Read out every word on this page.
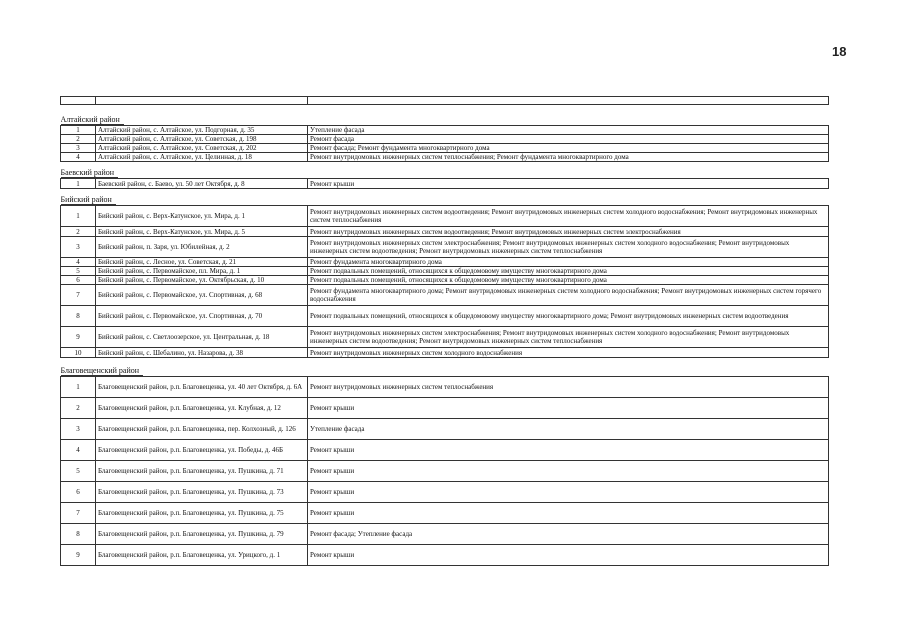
18

Алтайский район		
1	Алтайский район, с. Алтайское, ул. Подгорная, д. 35	Утепление фасада
2	Алтайский район, с. Алтайское, ул. Советская, д. 198	Ремонт фасада
3	Алтайский район, с. Алтайское, ул. Советская, д. 202	Ремонт фасада; Ремонт фундамента многоквартирного дома
4	Алтайский район, с. Алтайское, ул. Целинная, д. 18	Ремонт внутридомовых инженерных систем теплоснабжения; Ремонт фундамента многоквартирного дома
Баевский район		
1	Баевский район, с. Баево, ул. 50 лет Октября, д. 8	Ремонт крыши
Бийский район		
1	Бийский район, с. Верх-Катунское, ул. Мира, д. 1	Ремонт внутридомовых инженерных систем водоотведения; Ремонт внутридомовых инженерных систем холодного водоснабжения; Ремонт внутридомовых инженерных систем теплоснабжения
2	Бийский район, с. Верх-Катунское, ул. Мира, д. 5	Ремонт внутридомовых инженерных систем водоотведения; Ремонт внутридомовых инженерных систем электроснабжения
3	Бийский район, п. Заря, ул. Юбилейная, д. 2	Ремонт внутридомовых инженерных систем электроснабжения; Ремонт внутридомовых инженерных систем холодного водоснабжения; Ремонт внутридомовых инженерных систем водоотведения; Ремонт внутридомовых инженерных систем теплоснабжения
4	Бийский район, с. Лесное, ул. Советская, д. 21	Ремонт фундамента многоквартирного дома
5	Бийский район, с. Первомайское, пл. Мира, д. 1	Ремонт подвальных помещений, относящихся к общедомовому имуществу многоквартирного дома
6	Бийский район, с. Первомайское, ул. Октябрьская, д. 10	Ремонт подвальных помещений, относящихся к общедомовому имуществу многоквартирного дома
7	Бийский район, с. Первомайское, ул. Спортивная, д. 68	Ремонт фундамента многоквартирного дома; Ремонт внутридомовых инженерных систем холодного водоснабжения; Ремонт внутридомовых инженерных систем горячего водоснабжения
8	Бийский район, с. Первомайское, ул. Спортивная, д. 70	Ремонт подвальных помещений, относящихся к общедомовому имуществу многоквартирного дома; Ремонт внутридомовых инженерных систем водоотведения
9	Бийский район, с. Светлоозерское, ул. Центральная, д. 18	Ремонт внутридомовых инженерных систем электроснабжения; Ремонт внутридомовых инженерных систем холодного водоснабжения; Ремонт внутридомовых инженерных систем водоотведения; Ремонт внутридомовых инженерных систем теплоснабжения
10	Бийский район, с. Шебалино, ул. Назарова, д. 38	Ремонт внутридомовых инженерных систем холодного водоснабжения
Благовещенский район		
1	Благовещенский район, р.п. Благовещенка, ул. 40 лет Октября, д. 6А	Ремонт внутридомовых инженерных систем теплоснабжения
2	Благовещенский район, р.п. Благовещенка, ул. Клубная, д. 12	Ремонт крыши
3	Благовещенский район, р.п. Благовещенка, пер. Колхозный, д. 126	Утепление фасада
4	Благовещенский район, р.п. Благовещенка, ул. Победы, д. 46Б	Ремонт крыши
5	Благовещенский район, р.п. Благовещенка, ул. Пушкина, д. 71	Ремонт крыши
6	Благовещенский район, р.п. Благовещенка, ул. Пушкина, д. 73	Ремонт крыши
7	Благовещенский район, р.п. Благовещенка, ул. Пушкина, д. 75	Ремонт крыши
8	Благовещенский район, р.п. Благовещенка, ул. Пушкина, д. 79	Ремонт фасада; Утепление фасада
9	Благовещенский район, р.п. Благовещенка, ул. Урицкого, д. 1	Ремонт крыши
